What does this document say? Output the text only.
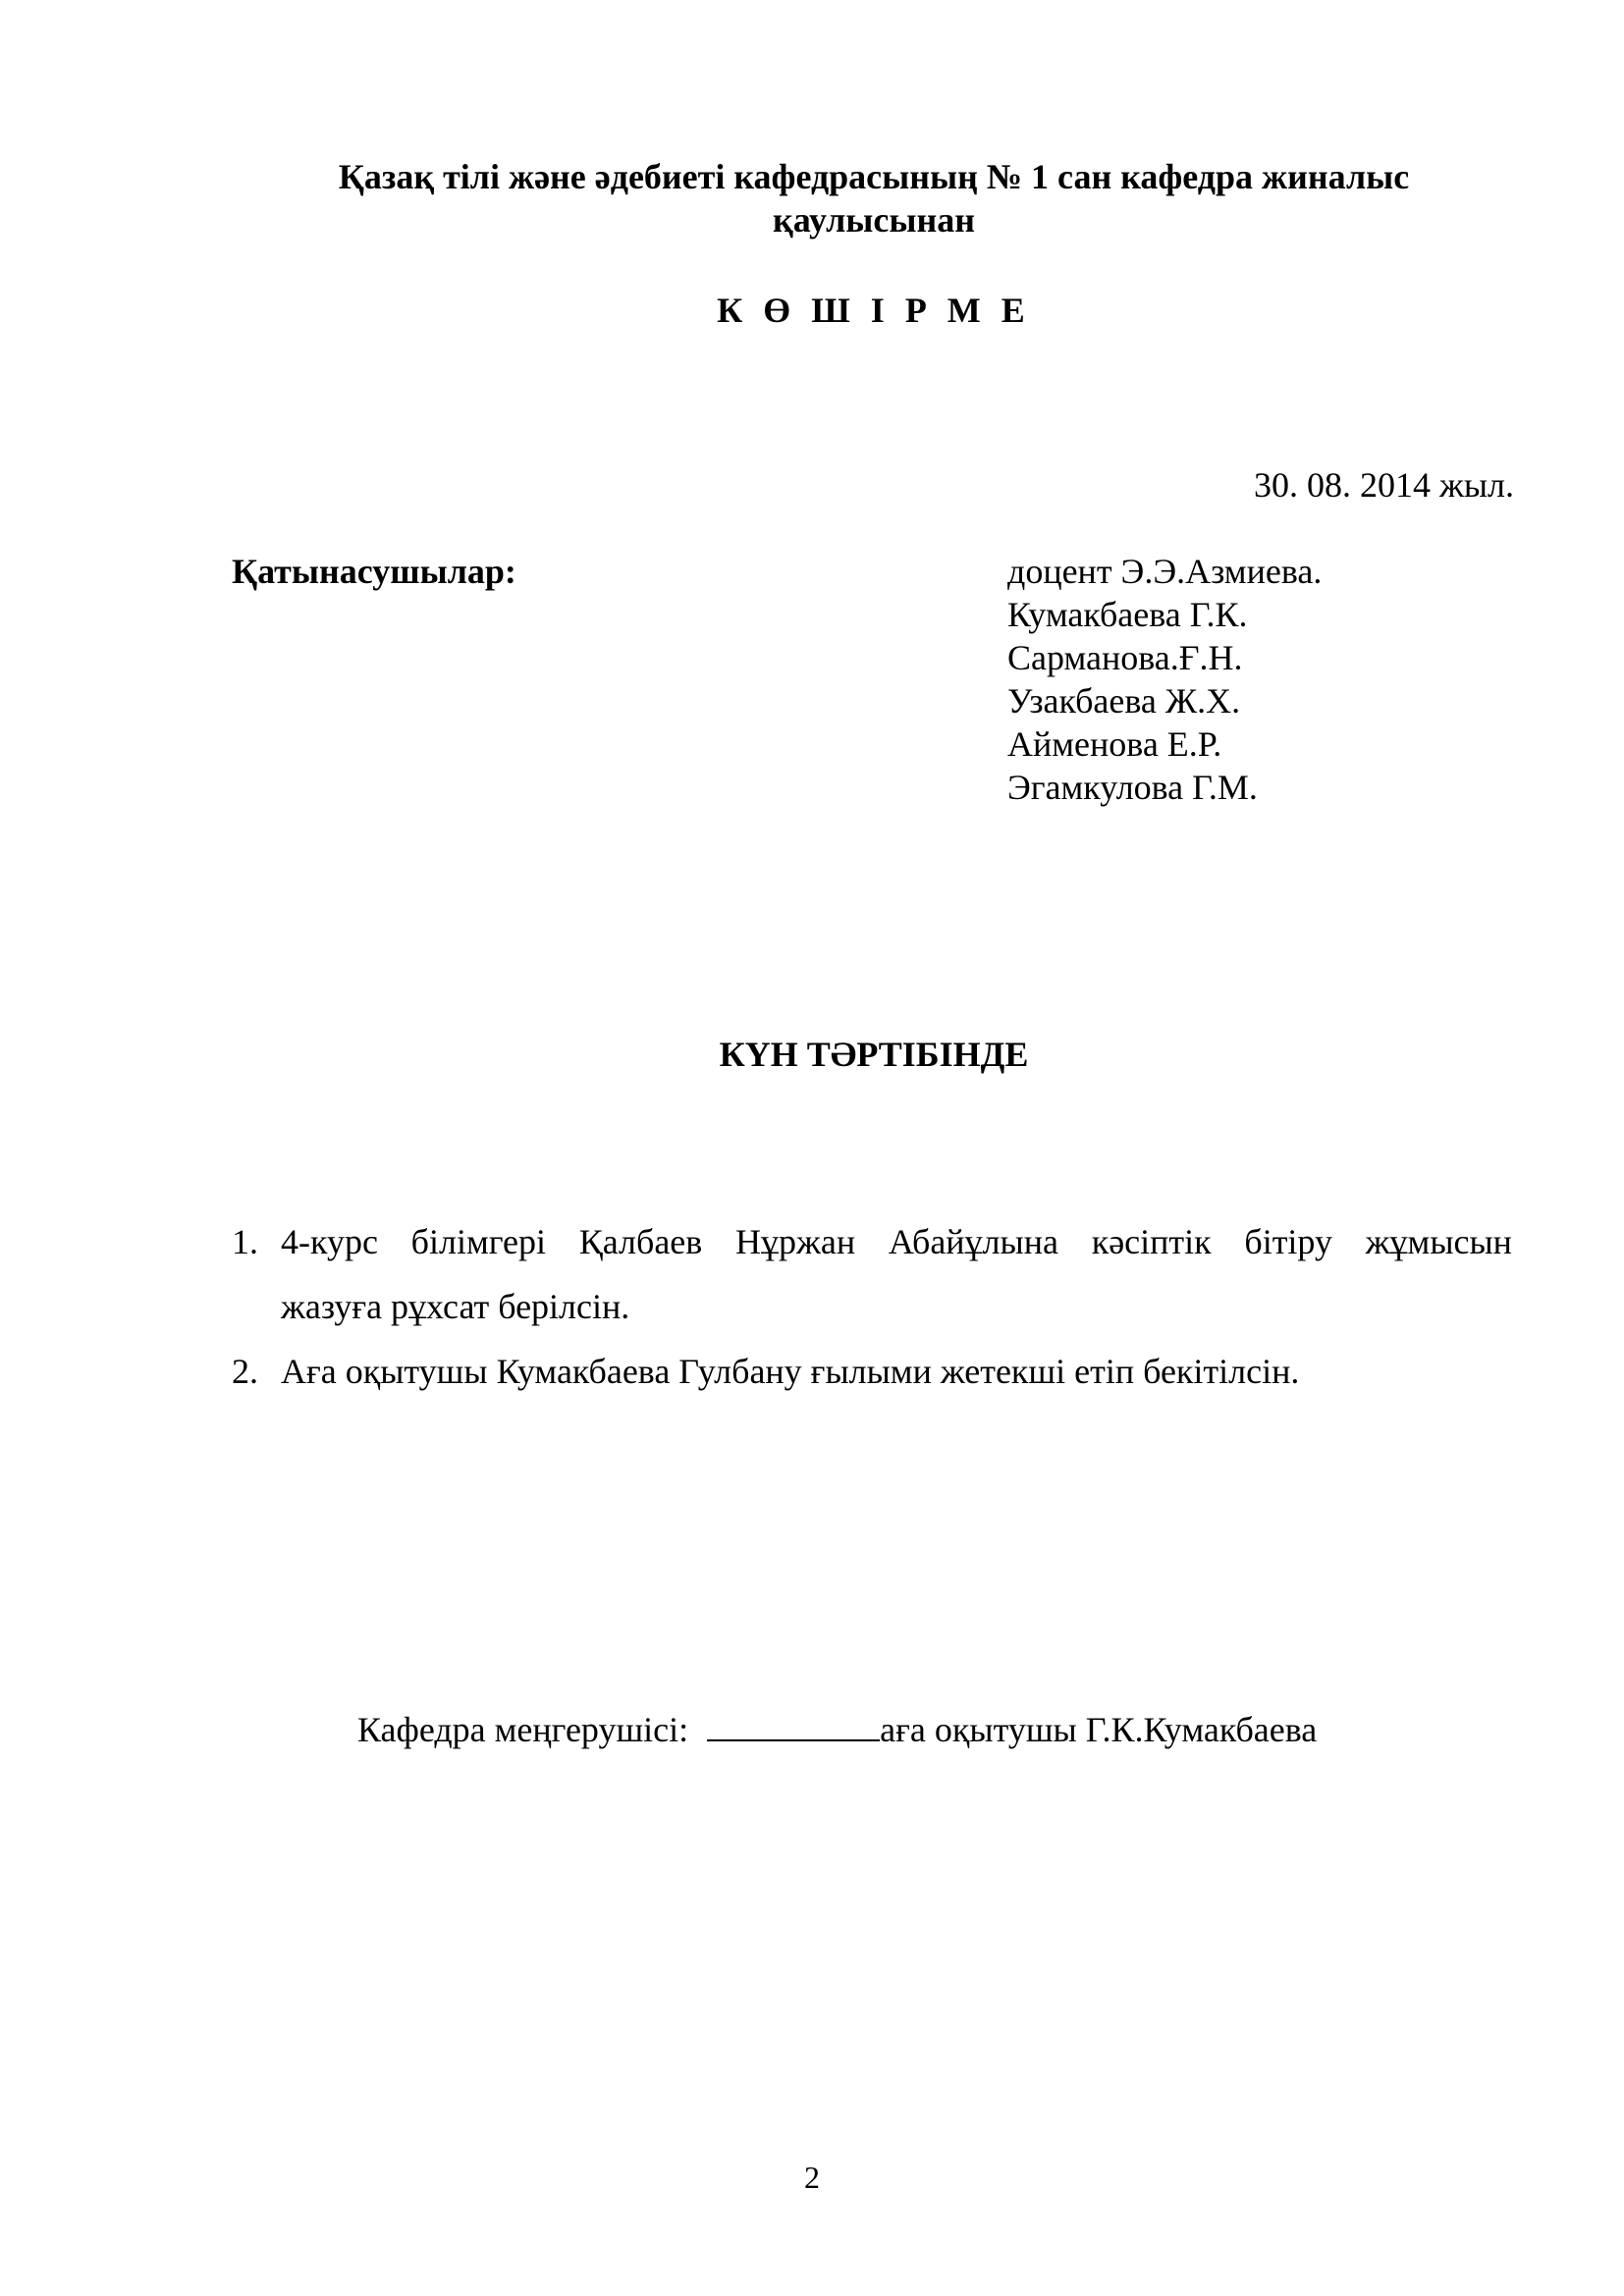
Қазақ тілі және әдебиеті кафедрасының № 1 сан кафедра жиналыс
қаулысынан
К Ө Ш І Р М Е
30. 08. 2014 жыл.
Қатынасушылар:	доцент Э.Э.Азмиева.
Кумакбаева Г.К.
Сарманова.Ғ.Н.
Узакбаева Ж.Х.
Айменова Е.Р.
Эгамкулова Г.М.
КҮН ТӘРТІБІНДЕ
1. 4-курс білімгері Қалбаев Нұржан Абайұлына кәсіптік бітіру жұмысын
жазуға рұхсат берілсін.
2. Аға оқытушы Кумакбаева Гулбану ғылыми жетекші етіп бекітілсін.
Кафедра меңгерушісі:	аға оқытушы Г.К.Кумакбаева
2
